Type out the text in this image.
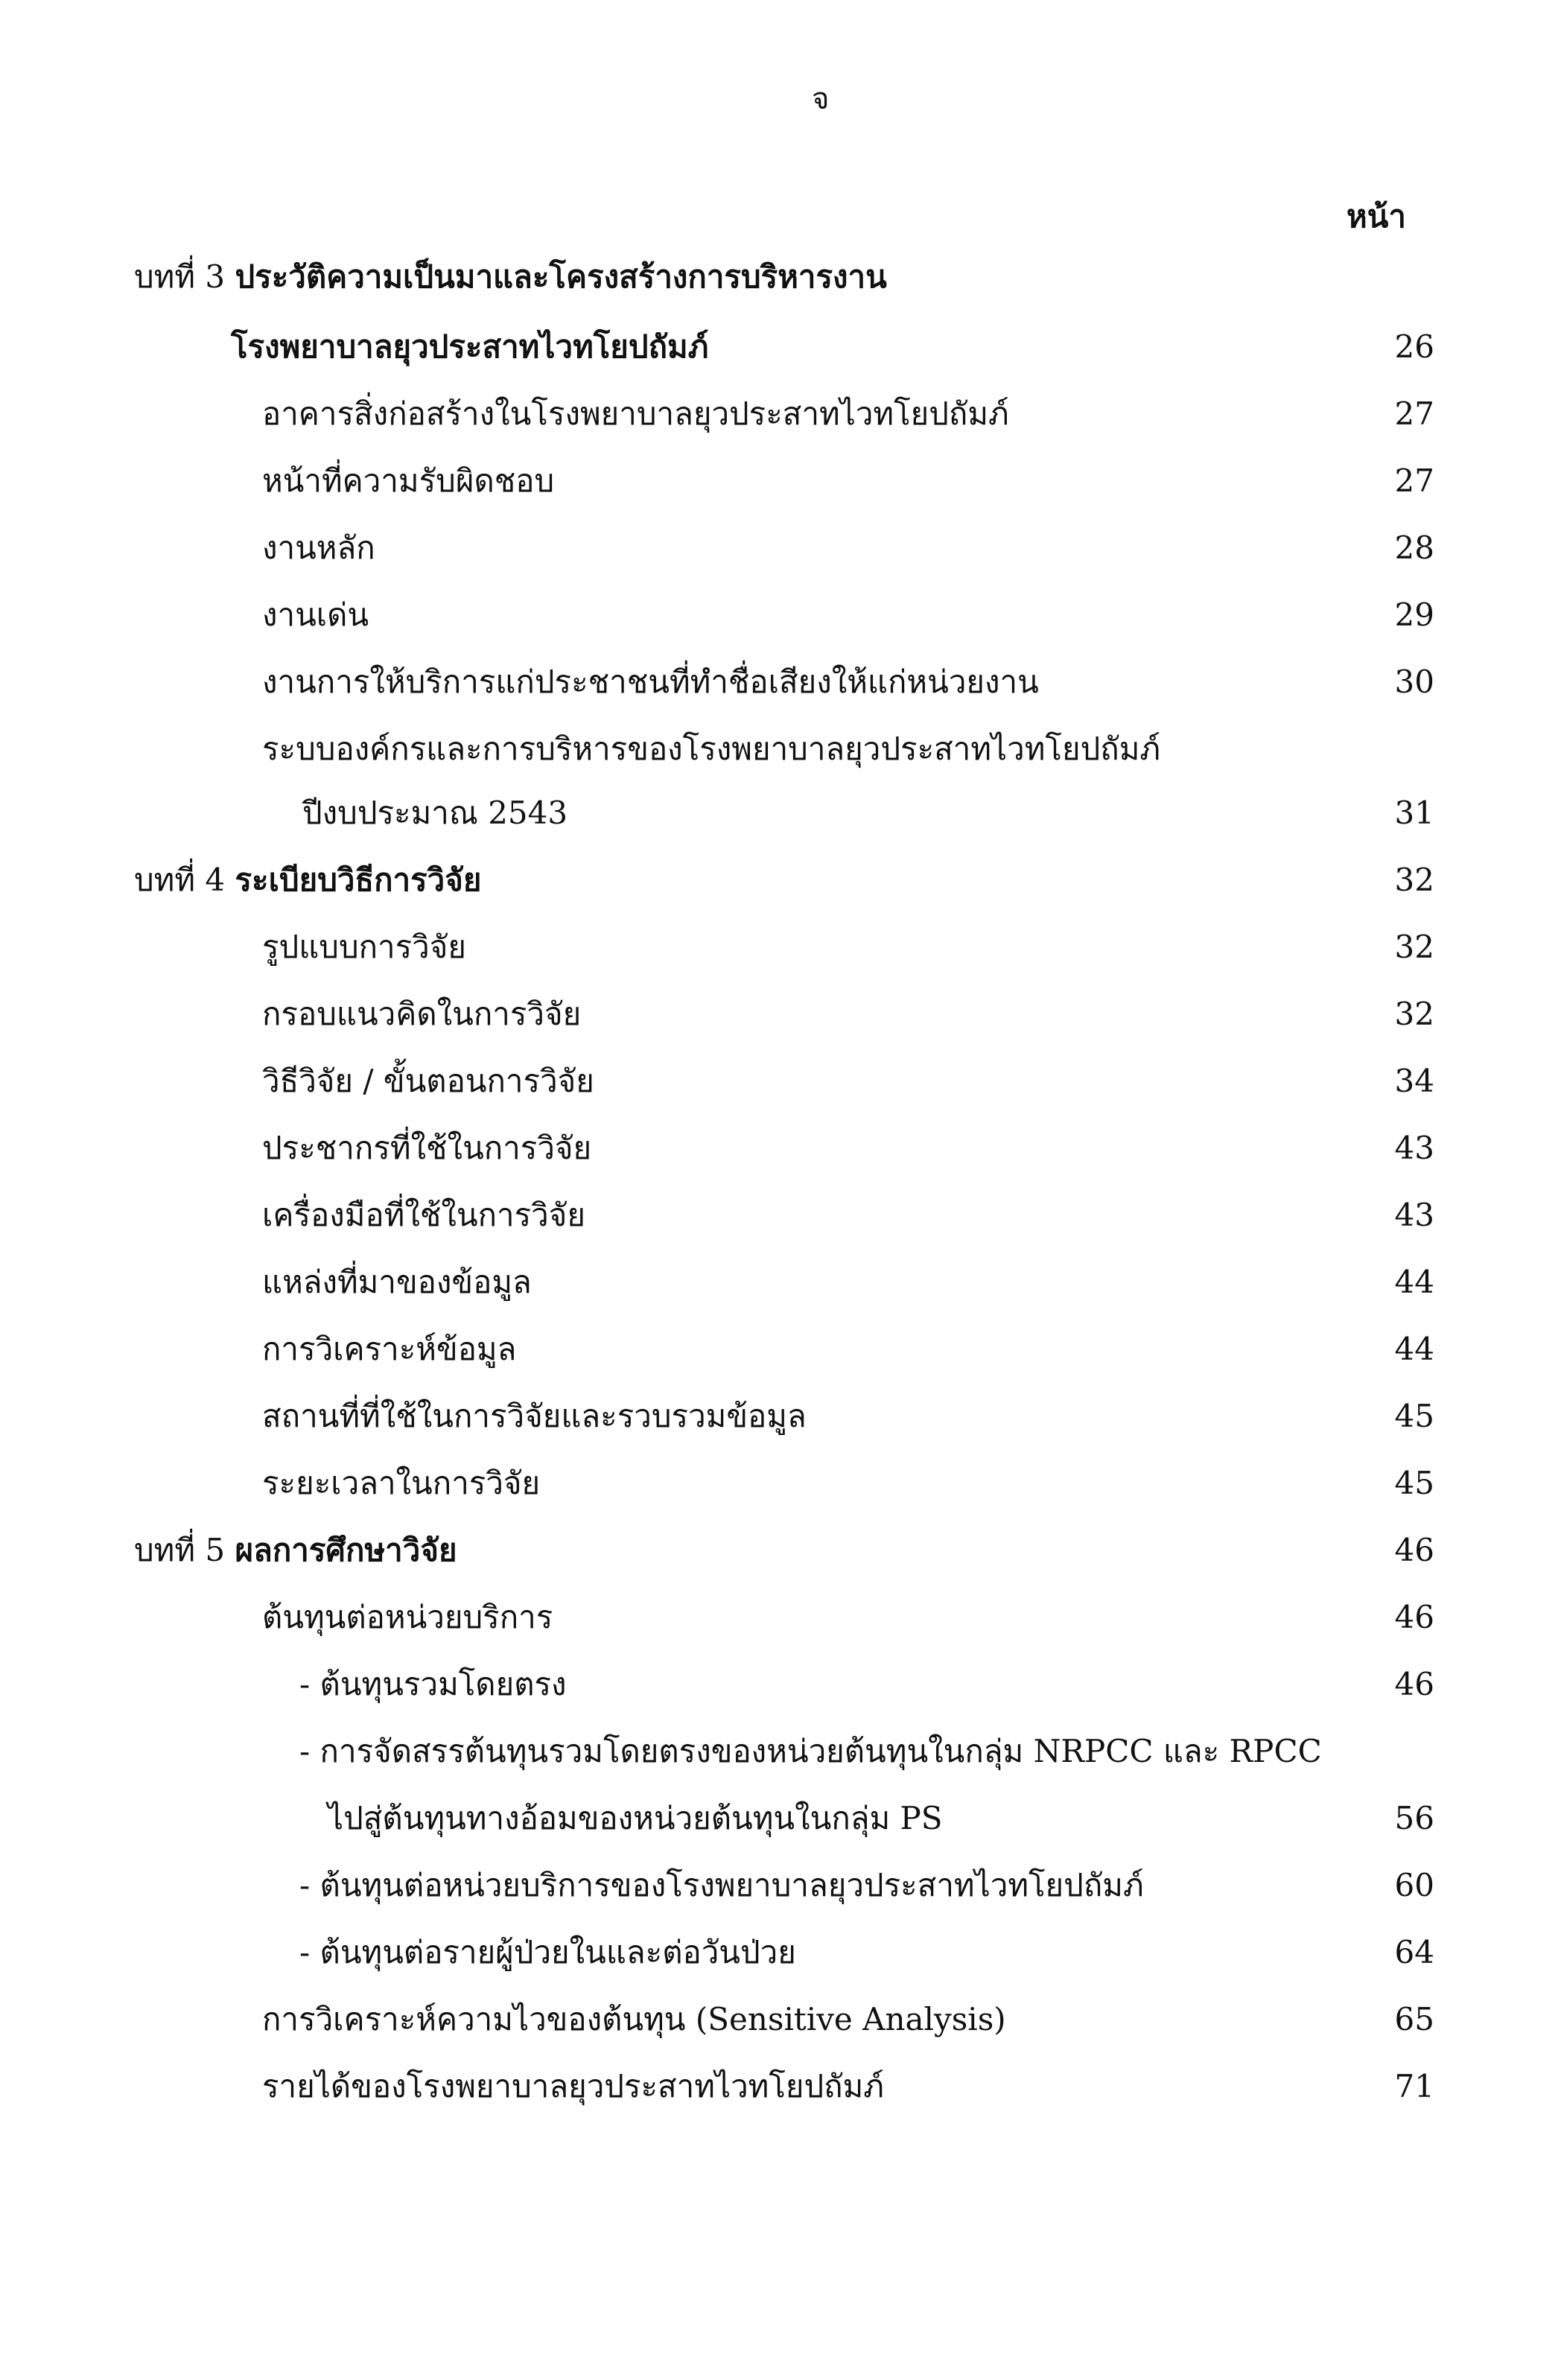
จ
หน้า
บทที่ 3 ประวัติความเป็นมาและโครงสร้างการบริหารงาน
โรงพยาบาลยุวประสาทไวทโยปถัมภ์	26
อาคารสิ่งก่อสร้างในโรงพยาบาลยุวประสาทไวทโยปถัมภ์	27
หน้าที่ความรับผิดชอบ	27
งานหลัก	28
งานเด่น	29
งานการให้บริการแก่ประชาชนที่ทำชื่อเสียงให้แก่หน่วยงาน	30
ระบบองค์กรและการบริหารของโรงพยาบาลยุวประสาทไวทโยปถัมภ์
ปีงบประมาณ 2543	31
บทที่ 4 ระเบียบวิธีการวิจัย	32
รูปแบบการวิจัย	32
กรอบแนวคิดในการวิจัย	32
วิธีวิจัย / ขั้นตอนการวิจัย	34
ประชากรที่ใช้ในการวิจัย	43
เครื่องมือที่ใช้ในการวิจัย	43
แหล่งที่มาของข้อมูล	44
การวิเคราะห์ข้อมูล	44
สถานที่ที่ใช้ในการวิจัยและรวบรวมข้อมูล	45
ระยะเวลาในการวิจัย	45
บทที่ 5 ผลการศึกษาวิจัย	46
ต้นทุนต่อหน่วยบริการ	46
- ต้นทุนรวมโดยตรง	46
- การจัดสรรต้นทุนรวมโดยตรงของหน่วยต้นทุนในกลุ่ม NRPCC และ RPCC
ไปสู่ต้นทุนทางอ้อมของหน่วยต้นทุนในกลุ่ม PS	56
- ต้นทุนต่อหน่วยบริการของโรงพยาบาลยุวประสาทไวทโยปถัมภ์	60
- ต้นทุนต่อรายผู้ป่วยในและต่อวันป่วย	64
การวิเคราะห์ความไวของต้นทุน (Sensitive Analysis)	65
รายได้ของโรงพยาบาลยุวประสาทไวทโยปถัมภ์	71
